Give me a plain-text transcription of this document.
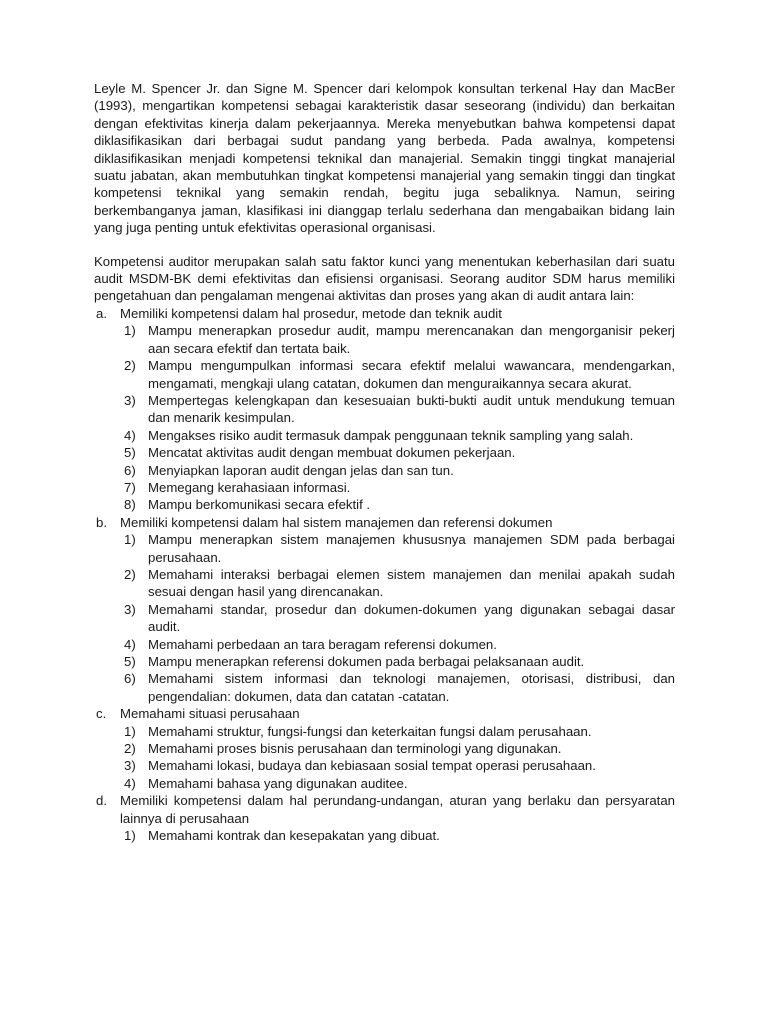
Leyle M. Spencer Jr. dan Signe M. Spencer dari kelompok konsultan terkenal Hay dan MacBer (1993), mengartikan kompetensi sebagai karakteristik dasar seseorang (individu) dan berkaitan dengan efektivitas kinerja dalam pekerjaannya. Mereka menyebutkan bahwa kompetensi dapat diklasifikasikan dari berbagai sudut pandang yang berbeda. Pada awalnya, kompetensi diklasifikasikan menjadi kompetensi teknikal dan manajerial. Semakin tinggi tingkat manajerial suatu jabatan, akan membutuhkan tingkat kompetensi manajerial yang semakin tinggi dan tingkat kompetensi teknikal yang semakin rendah, begitu juga sebaliknya. Namun, seiring berkembanganya jaman, klasifikasi ini dianggap terlalu sederhana dan mengabaikan bidang lain yang juga penting untuk efektivitas operasional organisasi.

Kompetensi auditor merupakan salah satu faktor kunci yang menentukan keberhasilan dari suatu audit MSDM-BK demi efektivitas dan efisiensi organisasi. Seorang auditor SDM harus memiliki pengetahuan dan pengalaman mengenai aktivitas dan proses yang akan di audit antara lain:

a. Memiliki kompetensi dalam hal prosedur, metode dan teknik audit
1) Mampu menerapkan prosedur audit, mampu merencanakan dan mengorganisir pekerj aan secara efektif dan tertata baik.
2) Mampu mengumpulkan informasi secara efektif melalui wawancara, mendengarkan, mengamati, mengkaji ulang catatan, dokumen dan menguraikannya secara akurat.
3) Mempertegas kelengkapan dan kesesuaian bukti-bukti audit untuk mendukung temuan dan menarik kesimpulan.
4) Mengakses risiko audit termasuk dampak penggunaan teknik sampling yang salah.
5) Mencatat aktivitas audit dengan membuat dokumen pekerjaan.
6) Menyiapkan laporan audit dengan jelas dan san tun.
7) Memegang kerahasiaan informasi.
8) Mampu berkomunikasi secara efektif .
b. Memiliki kompetensi dalam hal sistem manajemen dan referensi dokumen
1) Mampu menerapkan sistem manajemen khususnya manajemen SDM pada berbagai perusahaan.
2) Memahami interaksi berbagai elemen sistem manajemen dan menilai apakah sudah sesuai dengan hasil yang direncanakan.
3) Memahami standar, prosedur dan dokumen-dokumen yang digunakan sebagai dasar audit.
4) Memahami perbedaan an tara beragam referensi dokumen.
5) Mampu menerapkan referensi dokumen pada berbagai pelaksanaan audit.
6) Memahami sistem informasi dan teknologi manajemen, otorisasi, distribusi, dan pengendalian: dokumen, data dan catatan -catatan.
c. Memahami situasi perusahaan
1) Memahami struktur, fungsi-fungsi dan keterkaitan fungsi dalam perusahaan.
2) Memahami proses bisnis perusahaan dan terminologi yang digunakan.
3) Memahami lokasi, budaya dan kebiasaan sosial tempat operasi perusahaan.
4) Memahami bahasa yang digunakan auditee.
d. Memiliki kompetensi dalam hal perundang-undangan, aturan yang berlaku dan persyaratan lainnya di perusahaan
1) Memahami kontrak dan kesepakatan yang dibuat.
